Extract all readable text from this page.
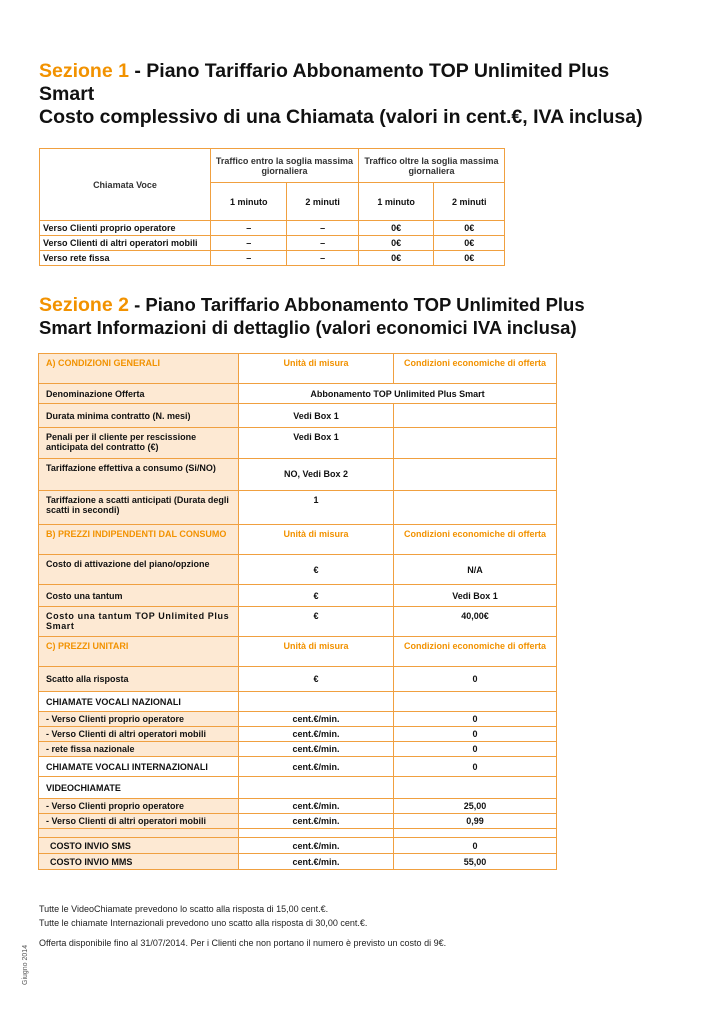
Sezione 1 - Piano Tariffario Abbonamento TOP Unlimited Plus
Smart
Costo complessivo di una Chiamata (valori in cent.€, IVA inclusa)
Chiamata Voce	Traffico entro la soglia massima giornaliera		Traffico oltre la soglia massima giornaliera	
	1 minuto	2 minuti	1 minuto	2 minuti
Verso Clienti proprio operatore	–	–	0€	0€
Verso Clienti di altri operatori mobili	–	–	0€	0€
Verso rete fissa	–	–	0€	0€
Sezione 2 - Piano Tariffario Abbonamento TOP Unlimited Plus
Smart Informazioni di dettaglio (valori economici IVA inclusa)
A) CONDIZIONI GENERALI	Unità di misura	Condizioni economiche di offerta
Denominazione Offerta	Abbonamento TOP Unlimited Plus Smart	
Durata minima contratto (N. mesi)	Vedi Box 1	
Penali per il cliente per rescissione anticipata del contratto (€)	Vedi Box 1	
Tariffazione effettiva a consumo (Si/NO)	NO, Vedi Box 2	
Tariffazione a scatti anticipati (Durata degli scatti in secondi)	1	
B) PREZZI INDIPENDENTI DAL CONSUMO	Unità di misura	Condizioni economiche di offerta
Costo di attivazione del piano/opzione	€	N/A
Costo una tantum	€	Vedi Box 1
Costo una tantum TOP Unlimited Plus Smart	€	40,00€
C) PREZZI UNITARI	Unità di misura	Condizioni economiche di offerta
Scatto alla risposta	€	0
CHIAMATE VOCALI NAZIONALI		
- Verso Clienti proprio operatore	cent.€/min.	0
- Verso Clienti di altri operatori mobili	cent.€/min.	0
- rete fissa nazionale	cent.€/min.	0
CHIAMATE VOCALI INTERNAZIONALI	cent.€/min.	0
VIDEOCHIAMATE		
- Verso Clienti proprio operatore	cent.€/min.	25,00
- Verso Clienti di altri operatori mobili	cent.€/min.	0,99

COSTO INVIO SMS	cent.€/min.	0
COSTO INVIO MMS	cent.€/min.	55,00
Tutte le VideoChiamate prevedono lo scatto alla risposta di 15,00 cent.€.
Tutte le chiamate Internazionali prevedono uno scatto alla risposta di 30,00 cent.€.
Offerta disponibile fino al 31/07/2014. Per i Clienti che non portano il numero è previsto un costo di 9€.
Giugno 2014
